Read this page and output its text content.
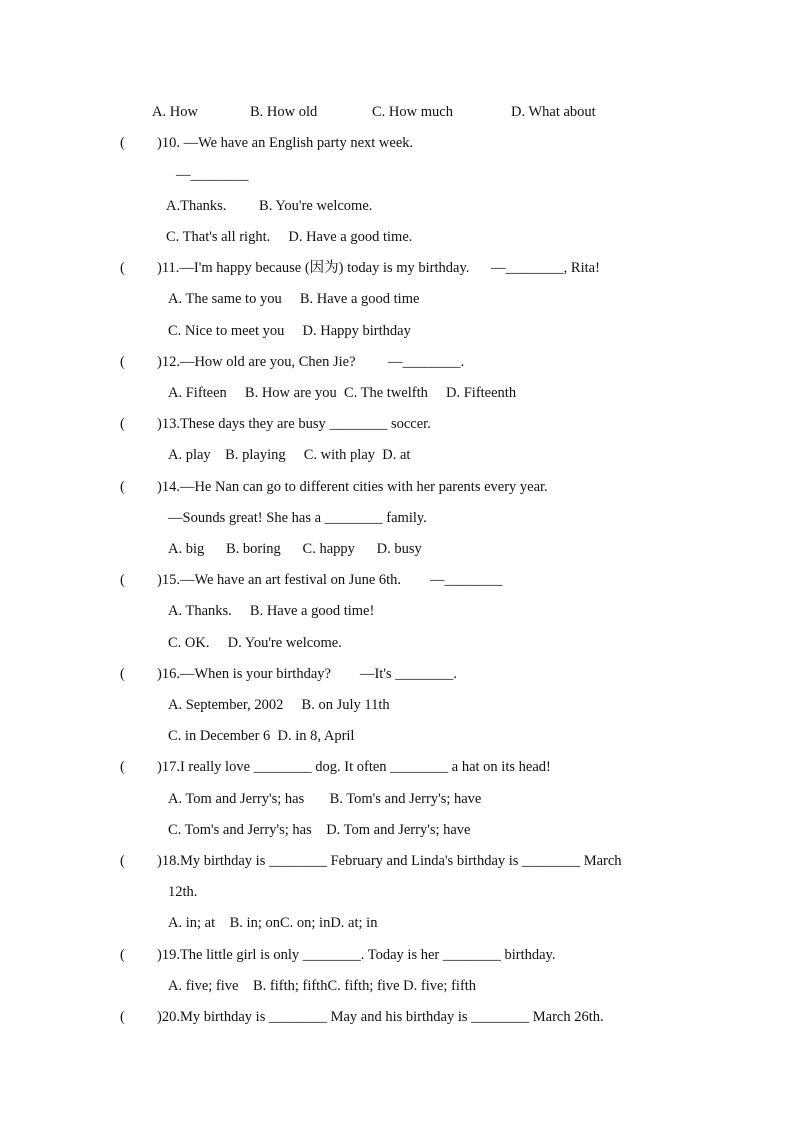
A. How	B. How old	C. How much	D. What about
( )10. —We have an English party next week.
—________
A.Thanks.         B. You're welcome.
C. That's all right.     D. Have a good time.
( )11.—I'm happy because (因为) today is my birthday.      —________, Rita!
A. The same to you     B. Have a good time
C. Nice to meet you     D. Happy birthday
( )12.—How old are you, Chen Jie?         —________.
A. Fifteen     B. How are you  C. The twelfth     D. Fifteenth
( )13.These days they are busy ________ soccer.
A. play    B. playing     C. with play  D. at
( )14.—He Nan can go to different cities with her parents every year.
—Sounds great! She has a ________ family.
A. big      B. boring      C. happy      D. busy
( )15.—We have an art festival on June 6th.        —________
A. Thanks.     B. Have a good time!
C. OK.     D. You're welcome.
( )16.—When is your birthday?        —It's ________.
A. September, 2002     B. on July 11th
C. in December 6  D. in 8, April
( )17.I really love ________ dog. It often ________ a hat on its head!
A. Tom and Jerry's; has       B. Tom's and Jerry's; have
C. Tom's and Jerry's; has    D. Tom and Jerry's; have
( )18.My birthday is ________ February and Linda's birthday is ________ March
12th.
A. in; at    B. in; onC. on; inD. at; in
( )19.The little girl is only ________. Today is her ________ birthday.
A. five; five    B. fifth; fifthC. fifth; five D. five; fifth
( )20.My birthday is ________ May and his birthday is ________ March 26th.
